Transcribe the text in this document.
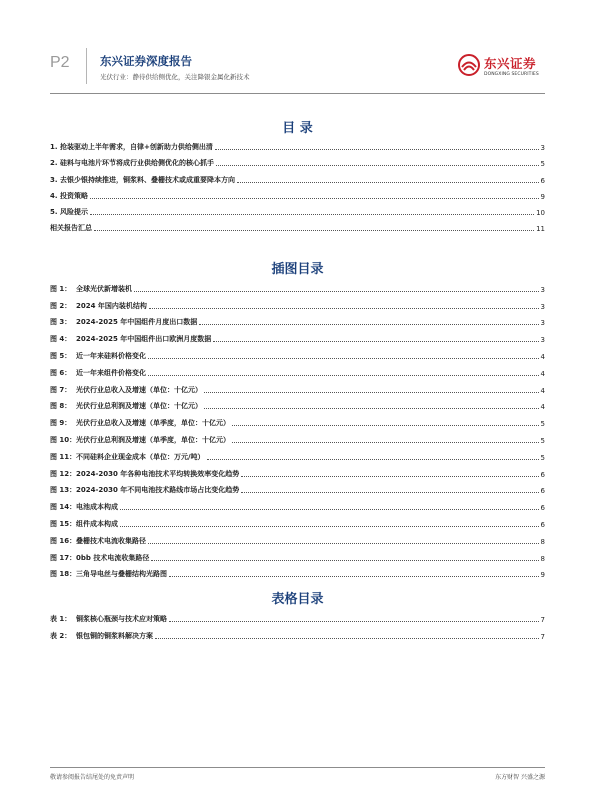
P2	东兴证券深度报告
光伏行业：静待供给侧优化，关注降银金属化新技术
东兴证券
DONGXING SECURITIES
目 录
1. 抢装驱动上半年需求，自律+创新助力供给侧出清	3
2. 硅料与电池片环节将成行业供给侧优化的核心抓手	5
3. 去银少银持续推进，铜浆料、叠栅技术或成重要降本方向	6
4. 投资策略	9
5. 风险提示	10
相关报告汇总	11
插图目录
图 1： 全球光伏新增装机	3
图 2： 2024 年国内装机结构	3
图 3： 2024-2025 年中国组件月度出口数据	3
图 4： 2024-2025 年中国组件出口欧洲月度数据	3
图 5： 近一年来硅料价格变化	4
图 6： 近一年来组件价格变化	4
图 7： 光伏行业总收入及增速（单位：十亿元）	4
图 8： 光伏行业总利润及增速（单位：十亿元）	4
图 9： 光伏行业总收入及增速（单季度，单位：十亿元）	5
图 10：光伏行业总利润及增速（单季度，单位：十亿元）	5
图 11：不同硅料企业现金成本（单位：万元/吨）	5
图 12：2024-2030 年各种电池技术平均转换效率变化趋势	6
图 13：2024-2030 年不同电池技术路线市场占比变化趋势	6
图 14：电池成本构成	6
图 15：组件成本构成	6
图 16：叠栅技术电流收集路径	8
图 17：0bb 技术电流收集路径	8
图 18：三角导电丝与叠栅结构光路图	9
表格目录
表 1： 铜浆核心瓶颈与技术应对策略	7
表 2： 银包铜的铜浆料解决方案	7
敬请参阅报告结尾处的免责声明	东方财智 兴盛之源
